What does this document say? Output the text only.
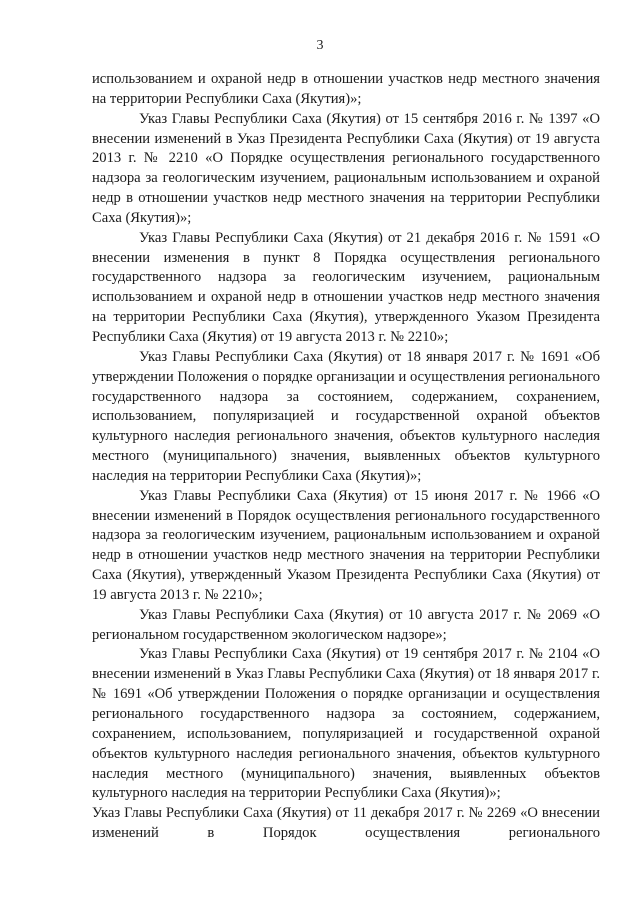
3

использованием и охраной недр в отношении участков недр местного значения на территории Республики Саха (Якутия)»;

Указ Главы Республики Саха (Якутия) от 15 сентября 2016 г. № 1397 «О внесении изменений в Указ Президента Республики Саха (Якутия) от 19 августа 2013 г. № 2210 «О Порядке осуществления регионального государственного надзора за геологическим изучением, рациональным использованием и охраной недр в отношении участков недр местного значения на территории Республики Саха (Якутия)»;

Указ Главы Республики Саха (Якутия) от 21 декабря 2016 г. № 1591 «О внесении изменения в пункт 8 Порядка осуществления регионального государственного надзора за геологическим изучением, рациональным использованием и охраной недр в отношении участков недр местного значения на территории Республики Саха (Якутия), утвержденного Указом Президента Республики Саха (Якутия) от 19 августа 2013 г. № 2210»;

Указ Главы Республики Саха (Якутия) от 18 января 2017 г. № 1691 «Об утверждении Положения о порядке организации и осуществления регионального государственного надзора за состоянием, содержанием, сохранением, использованием, популяризацией и государственной охраной объектов культурного наследия регионального значения, объектов культурного наследия местного (муниципального) значения, выявленных объектов культурного наследия на территории Республики Саха (Якутия)»;

Указ Главы Республики Саха (Якутия) от 15 июня 2017 г. № 1966 «О внесении изменений в Порядок осуществления регионального государственного надзора за геологическим изучением, рациональным использованием и охраной недр в отношении участков недр местного значения на территории Республики Саха (Якутия), утвержденный Указом Президента Республики Саха (Якутия) от 19 августа 2013 г. № 2210»;

Указ Главы Республики Саха (Якутия) от 10 августа 2017 г. № 2069 «О региональном государственном экологическом надзоре»;

Указ Главы Республики Саха (Якутия) от 19 сентября 2017 г. № 2104 «О внесении изменений в Указ Главы Республики Саха (Якутия) от 18 января 2017 г. № 1691 «Об утверждении Положения о порядке организации и осуществления регионального государственного надзора за состоянием, содержанием, сохранением, использованием, популяризацией и государственной охраной объектов культурного наследия регионального значения, объектов культурного наследия местного (муниципального) значения, выявленных объектов культурного наследия на территории Республики Саха (Якутия)»;

Указ Главы Республики Саха (Якутия) от 11 декабря 2017 г. № 2269 «О внесении изменений в Порядок осуществления регионального
